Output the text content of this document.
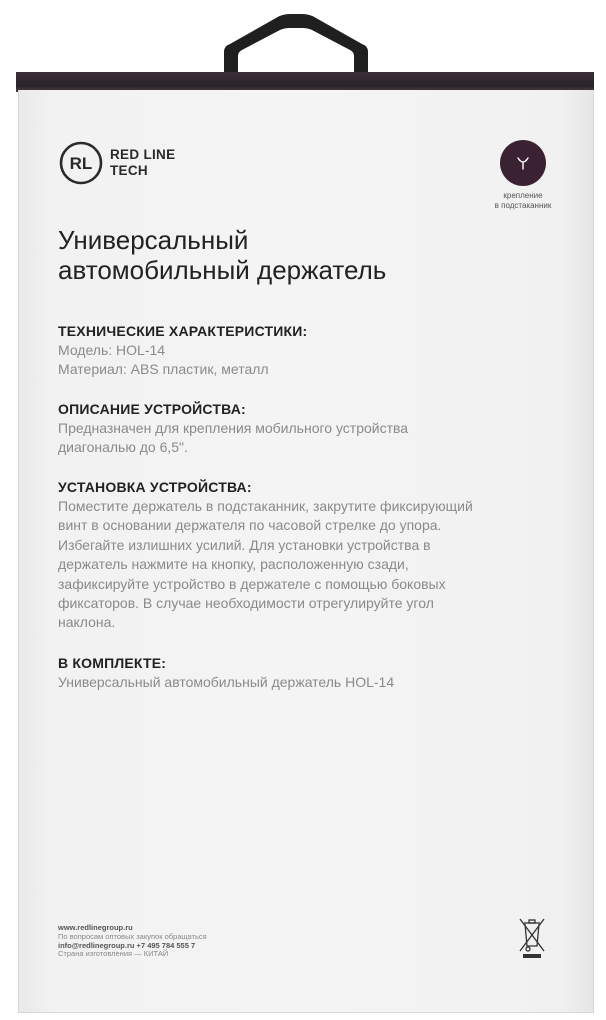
RL RED LINE
TECH
крепление
в подстаканник
Универсальный
автомобильный держатель
ТЕХНИЧЕСКИЕ ХАРАКТЕРИСТИКИ:

Модель: HOL-14

Материал: ABS пластик, металл

ОПИСАНИЕ УСТРОЙСТВА:

Предназначен для крепления мобильного устройства

диагональю до 6,5".

УСТАНОВКА УСТРОЙСТВА:

Поместите держатель в подстаканник, закрутите фиксирующий

винт в основании держателя по часовой стрелке до упора.

Избегайте излишних усилий. Для установки устройства в

держатель нажмите на кнопку, расположенную сзади,

зафиксируйте устройство в держателе с помощью боковых

фиксаторов. В случае необходимости отрегулируйте угол

наклона.

В КОМПЛЕКТЕ:

Универсальный автомобильный держатель HOL-14

www.redlinegroup.ru
По вопросам оптовых закупок обращаться
info@redlinegroup.ru +7 495 784 555 7
Страна изготовления — КИТАЙ
